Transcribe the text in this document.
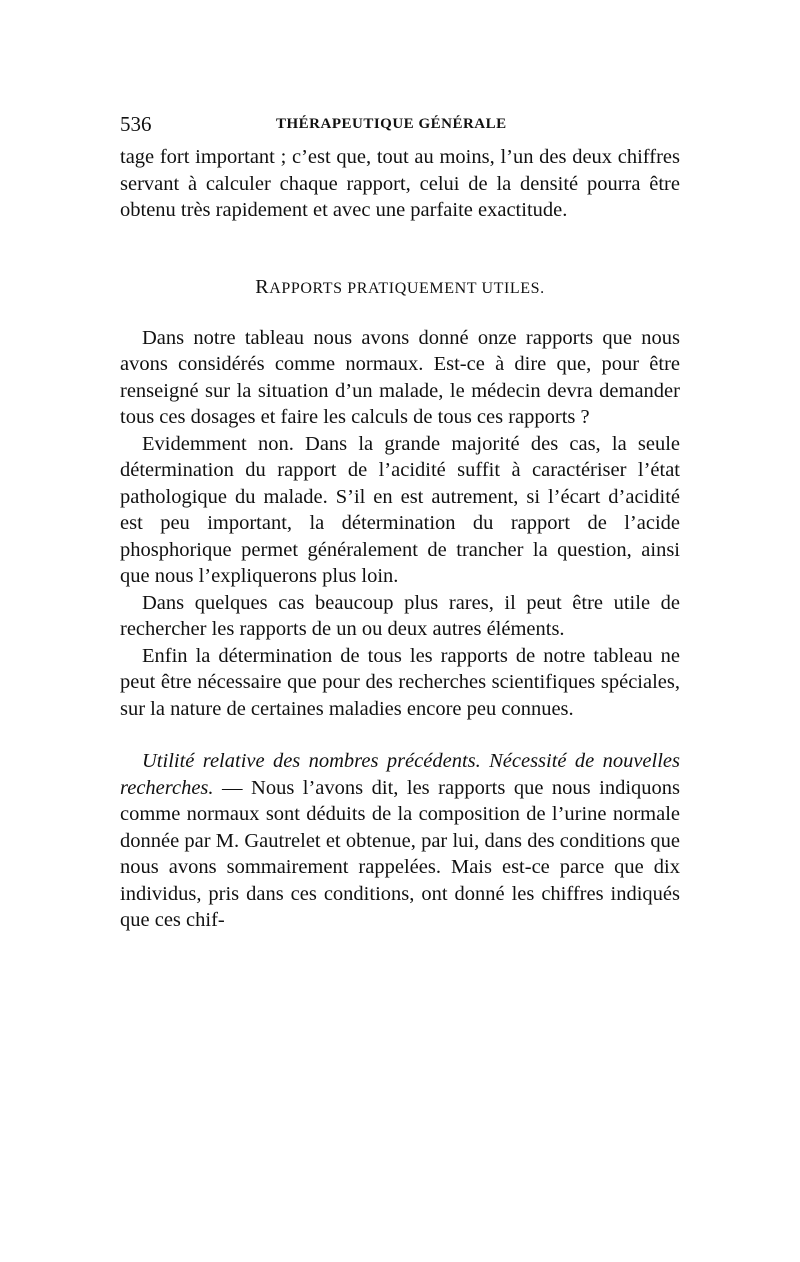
536	THÉRAPEUTIQUE GÉNÉRALE

tage fort important ; c’est que, tout au moins, l’un des deux chiffres servant à calculer chaque rapport, celui de la densité pourra être obtenu très rapidement et avec une parfaite exactitude.

RAPPORTS PRATIQUEMENT UTILES.

Dans notre tableau nous avons donné onze rapports que nous avons considérés comme normaux. Est-ce à dire que, pour être renseigné sur la situation d’un malade, le médecin devra demander tous ces dosages et faire les calculs de tous ces rapports ?

Evidemment non. Dans la grande majorité des cas, la seule détermination du rapport de l’acidité suffit à caractériser l’état pathologique du malade. S’il en est autrement, si l’écart d’acidité est peu important, la détermination du rapport de l’acide phosphorique permet généralement de trancher la question, ainsi que nous l’expliquerons plus loin.

Dans quelques cas beaucoup plus rares, il peut être utile de rechercher les rapports de un ou deux autres éléments.

Enfin la détermination de tous les rapports de notre tableau ne peut être nécessaire que pour des recherches scientifiques spéciales, sur la nature de certaines maladies encore peu connues.

Utilité relative des nombres précédents. Nécessité de nouvelles recherches. — Nous l’avons dit, les rapports que nous indiquons comme normaux sont déduits de la composition de l’urine normale donnée par M. Gautrelet et obtenue, par lui, dans des conditions que nous avons sommairement rappelées. Mais est-ce parce que dix individus, pris dans ces conditions, ont donné les chiffres indiqués que ces chif-
